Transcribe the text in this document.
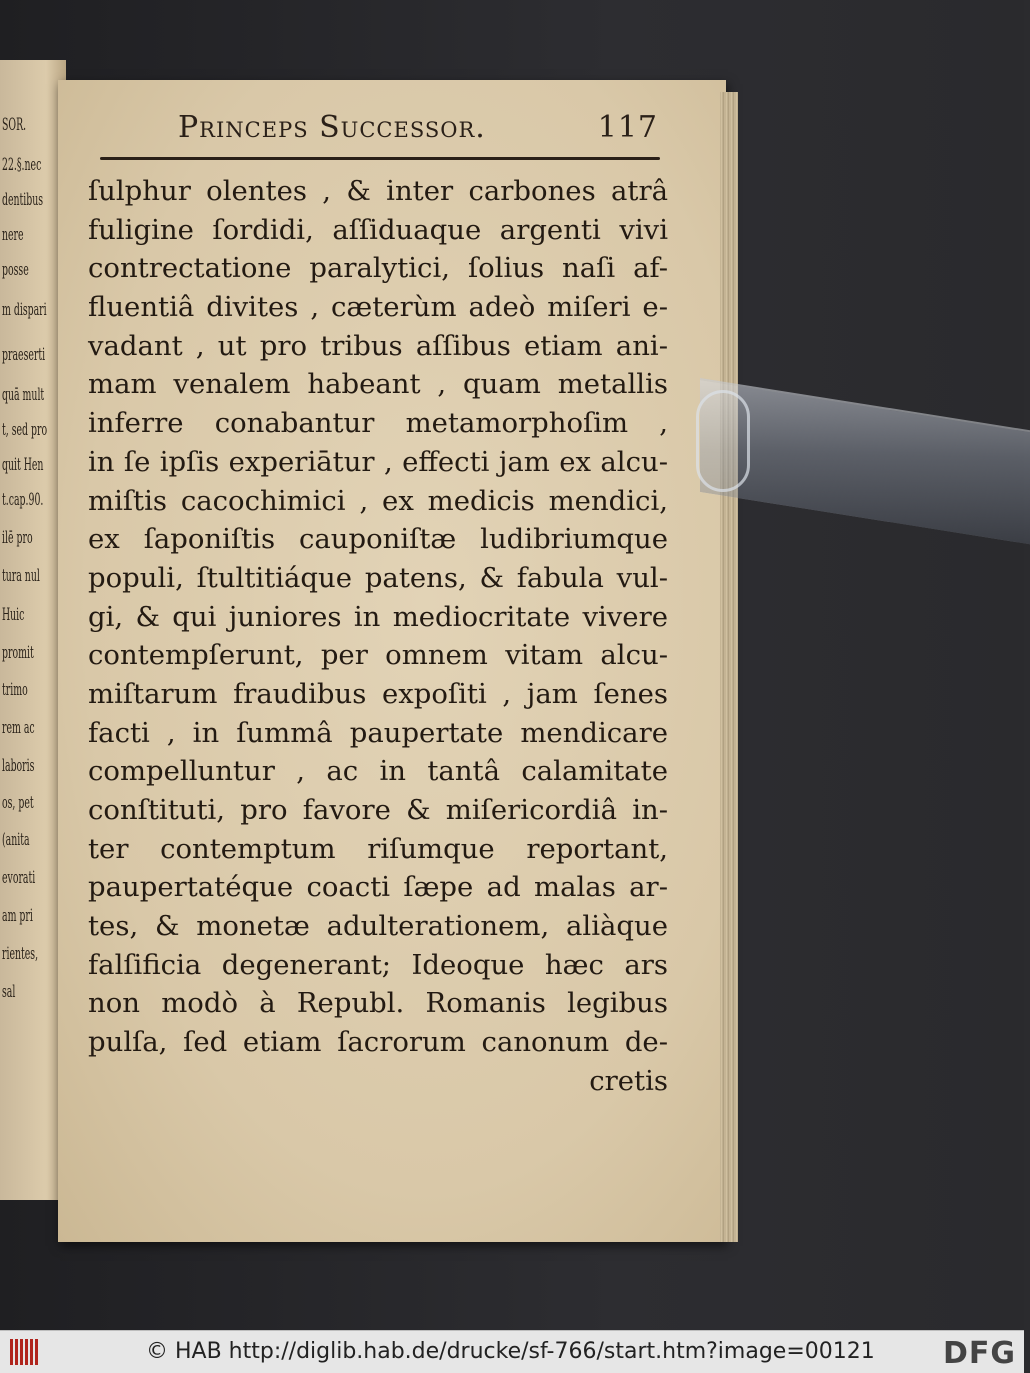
SOR.
22.§.nec
dentibus
nere
posse
m dispari
praeserti
quā mult
t, sed pro
quit Hen
t.cap.90.
ilē pro
tura nul
Huic
promit
trimo
rem ac
laboris
os, pet
(anita
evorati
am pri
rientes,
sal
Princeps Successor.	117
ſulphur olentes , & inter carbones atrâ
fuligine ſordidi, aſſiduaque argenti vivi
contrectatione paralytici, ſolius naſi af-
fluentiâ divites , cæterùm adeò miſeri e-
vadant , ut pro tribus aſſibus etiam ani-
mam venalem habeant , quam metallis
inferre conabantur metamorphoſim ,
in ſe ipſis experiātur , effecti jam ex alcu-
miſtis cacochimici , ex medicis mendici,
ex ſaponiſtis cauponiſtæ ludibriumque
populi, ſtultitiáque patens, & fabula vul-
gi, & qui juniores in mediocritate vivere
contempſerunt, per omnem vitam alcu-
miſtarum fraudibus expoſiti , jam ſenes
facti , in ſummâ paupertate mendicare
compelluntur , ac in tantâ calamitate
conſtituti, pro favore & miſericordiâ in-
ter contemptum riſumque reportant,
paupertatéque coacti ſæpe ad malas ar-
tes, & monetæ adulterationem, aliàque
falſificia degenerant; Ideoque hæc ars
non modò à Republ. Romanis legibus
pulſa, ſed etiam ſacrorum canonum de-
cretis
© HAB http://diglib.hab.de/drucke/sf-766/start.htm?image=00121 DFG
